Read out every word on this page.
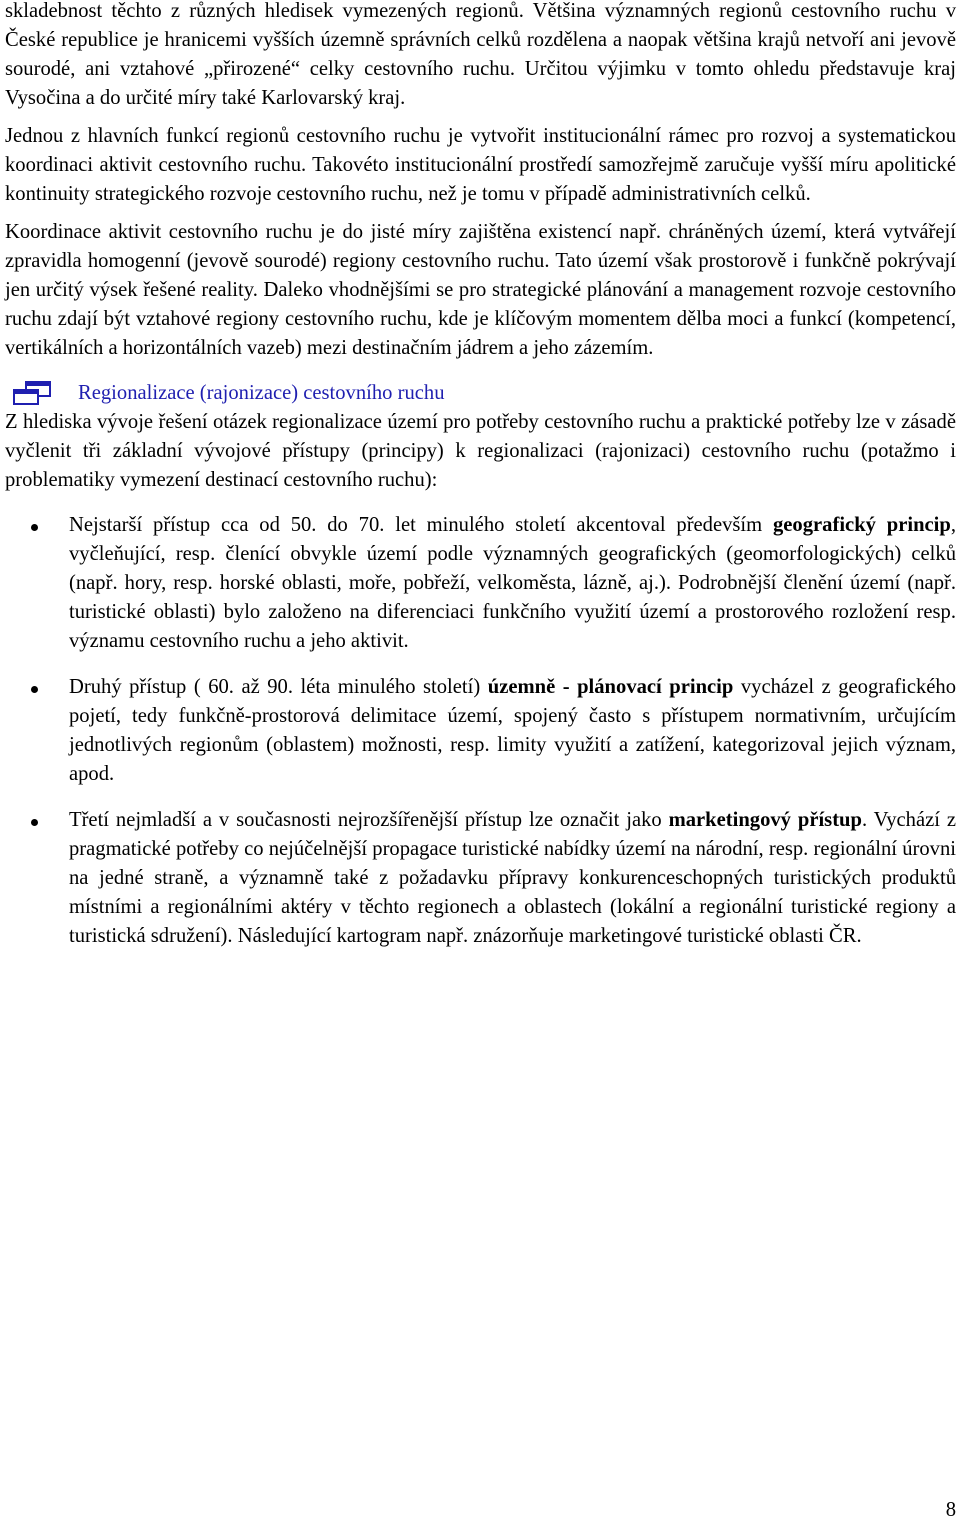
skladebnost těchto z různých hledisek vymezených regionů. Většina významných regionů cestovního ruchu v České republice je hranicemi vyšších územně správních celků rozdělena a naopak většina krajů netvoří ani jevově sourodé, ani vztahové „přirozené“ celky cestovního ruchu. Určitou výjimku v tomto ohledu představuje kraj Vysočina a do určité míry také Karlovarský kraj.

Jednou z hlavních funkcí regionů cestovního ruchu je vytvořit institucionální rámec pro rozvoj a systematickou koordinaci aktivit cestovního ruchu. Takovéto institucionální prostředí samozřejmě zaručuje vyšší míru apolitické kontinuity strategického rozvoje cestovního ruchu, než je tomu v případě administrativních celků.

Koordinace aktivit cestovního ruchu je do jisté míry zajištěna existencí např. chráněných území, která vytvářejí zpravidla homogenní (jevově sourodé) regiony cestovního ruchu. Tato území však prostorově i funkčně pokrývají jen určitý výsek řešené reality. Daleko vhodnějšími se pro strategické plánování a management rozvoje cestovního ruchu zdají být vztahové regiony cestovního ruchu, kde je klíčovým momentem dělba moci a funkcí (kompetencí, vertikálních a horizontálních vazeb) mezi destinačním jádrem a jeho zázemím.

Regionalizace (rajonizace) cestovního ruchu

Z hlediska vývoje řešení otázek regionalizace území pro potřeby cestovního ruchu a praktické potřeby lze v zásadě vyčlenit tři základní vývojové přístupy (principy) k regionalizaci (rajonizaci) cestovního ruchu (potažmo i problematiky vymezení destinací cestovního ruchu):

Nejstarší přístup cca od 50. do 70. let minulého století akcentoval především geografický princip, vyčleňující, resp. členící obvykle území podle významných geografických (geomorfologických) celků (např. hory, resp. horské oblasti, moře, pobřeží, velkoměsta, lázně, aj.). Podrobnější členění území (např. turistické oblasti) bylo založeno na diferenciaci funkčního využití území a prostorového rozložení resp. významu cestovního ruchu a jeho aktivit.

Druhý přístup ( 60. až 90. léta minulého století) územně - plánovací princip vycházel z geografického pojetí, tedy funkčně-prostorová delimitace území, spojený často s přístupem normativním, určujícím jednotlivých regionům (oblastem) možnosti, resp. limity využití a zatížení, kategorizoval jejich význam, apod.

Třetí nejmladší a v současnosti nejrozšířenější přístup lze označit jako marketingový přístup. Vychází z pragmatické potřeby co nejúčelnější propagace turistické nabídky území na národní, resp. regionální úrovni na jedné straně, a významně také z požadavku přípravy konkurenceschopných turistických produktů místními a regionálními aktéry v těchto regionech a oblastech (lokální a regionální turistické regiony a turistická sdružení). Následující kartogram např. znázorňuje marketingové turistické oblasti ČR.

8
